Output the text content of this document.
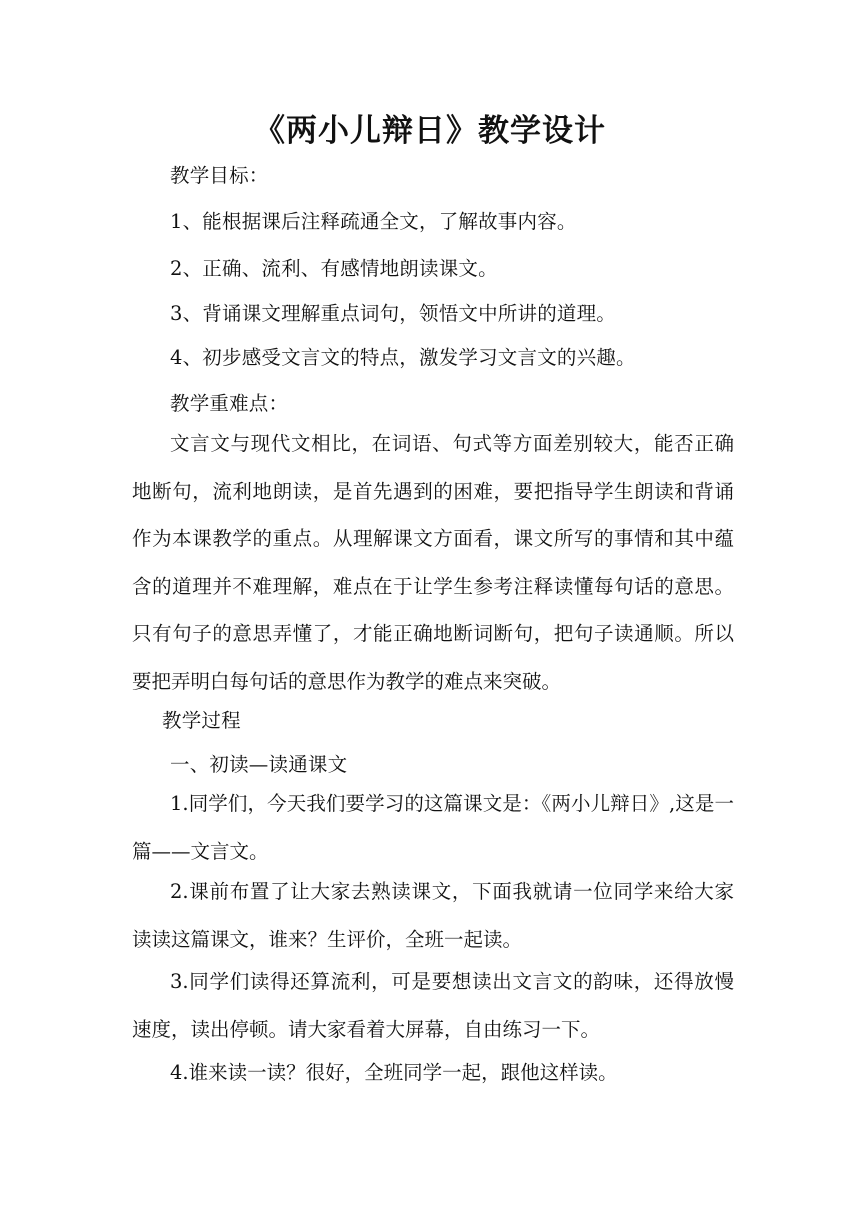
《两小儿辩日》教学设计
教学目标：
1、能根据课后注释疏通全文，了解故事内容。
2、正确、流利、有感情地朗读课文。
3、背诵课文理解重点词句，领悟文中所讲的道理。
4、初步感受文言文的特点，激发学习文言文的兴趣。
教学重难点：
文言文与现代文相比，在词语、句式等方面差别较大，能否正确地断句，流利地朗读，是首先遇到的困难，要把指导学生朗读和背诵作为本课教学的重点。从理解课文方面看，课文所写的事情和其中蕴含的道理并不难理解，难点在于让学生参考注释读懂每句话的意思。只有句子的意思弄懂了，才能正确地断词断句，把句子读通顺。所以要把弄明白每句话的意思作为教学的难点来突破。
教学过程
一、初读—读通课文
1.同学们，今天我们要学习的这篇课文是：《两小儿辩日》,这是一篇——文言文。
2.课前布置了让大家去熟读课文，下面我就请一位同学来给大家读读这篇课文，谁来？生评价，全班一起读。
3.同学们读得还算流利，可是要想读出文言文的韵味，还得放慢速度，读出停顿。请大家看着大屏幕，自由练习一下。
4.谁来读一读？很好，全班同学一起，跟他这样读。
